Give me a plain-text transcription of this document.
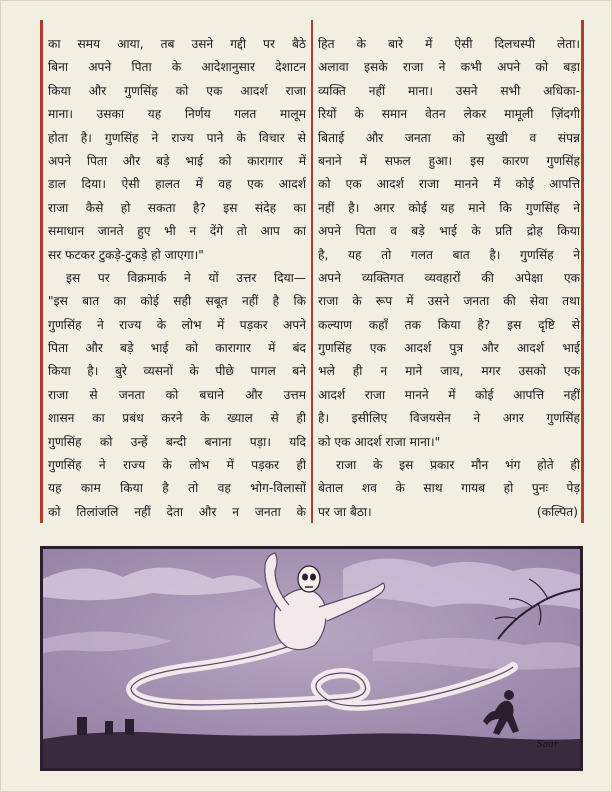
का समय आया, तब उसने गद्दी पर बैठे
बिना अपने पिता के आदेशानुसार देशाटन
किया और गुणसिंह को एक आदर्श राजा
माना। उसका यह निर्णय गलत मालूम
होता है। गुणसिंह ने राज्य पाने के विचार से
अपने पिता और बड़े भाई को कारागार में
डाल दिया। ऐसी हालत में वह एक आदर्श
राजा कैसे हो सकता है? इस संदेह का
समाधान जानते हुए भी न देंगे तो आप का
सर फटकर टुकड़े-टुकड़े हो जाएगा।"
इस पर विक्रमार्क ने यों उत्तर दिया—
"इस बात का कोई सही सबूत नहीं है कि
गुणसिंह ने राज्य के लोभ में पड़कर अपने
पिता और बड़े भाई को कारागार में बंद
किया है। बुरे व्यसनों के पीछे पागल बने
राजा से जनता को बचाने और उत्तम
शासन का प्रबंध करने के ख्याल से ही
गुणसिंह को उन्हें बन्दी बनाना पड़ा। यदि
गुणसिंह ने राज्य के लोभ में पड़कर ही
यह काम किया है तो वह भोग-विलासों
को तिलांजलि नहीं देता और न जनता के
हित के बारे में ऐसी दिलचस्पी लेता।
अलावा इसके राजा ने कभी अपने को बड़ा
व्यक्ति नहीं माना। उसने सभी अधिका-
रियों के समान वेतन लेकर मामूली ज़िंदगी
बिताई और जनता को सुखी व संपन्न
बनाने में सफल हुआ। इस कारण गुणसिंह
को एक आदर्श राजा मानने में कोई आपत्ति
नहीं है। अगर कोई यह माने कि गुणसिंह ने
अपने पिता व बड़े भाई के प्रति द्रोह किया
है, यह तो गलत बात है। गुणसिंह ने
अपने व्यक्तिगत व्यवहारों की अपेक्षा एक
राजा के रूप में उसने जनता की सेवा तथा
कल्याण कहाँ तक किया है? इस दृष्टि से
गुणसिंह एक आदर्श पुत्र और आदर्श भाई
भले ही न माने जाय, मगर उसको एक
आदर्श राजा मानने में कोई आपत्ति नहीं
है। इसीलिए विजयसेन ने अगर गुणसिंह
को एक आदर्श राजा माना।"
राजा के इस प्रकार मौन भंग होते ही
बेताल शव के साथ गायब हो पुनः पेड़
पर जा बैठा।	(कल्पित)
Saar
